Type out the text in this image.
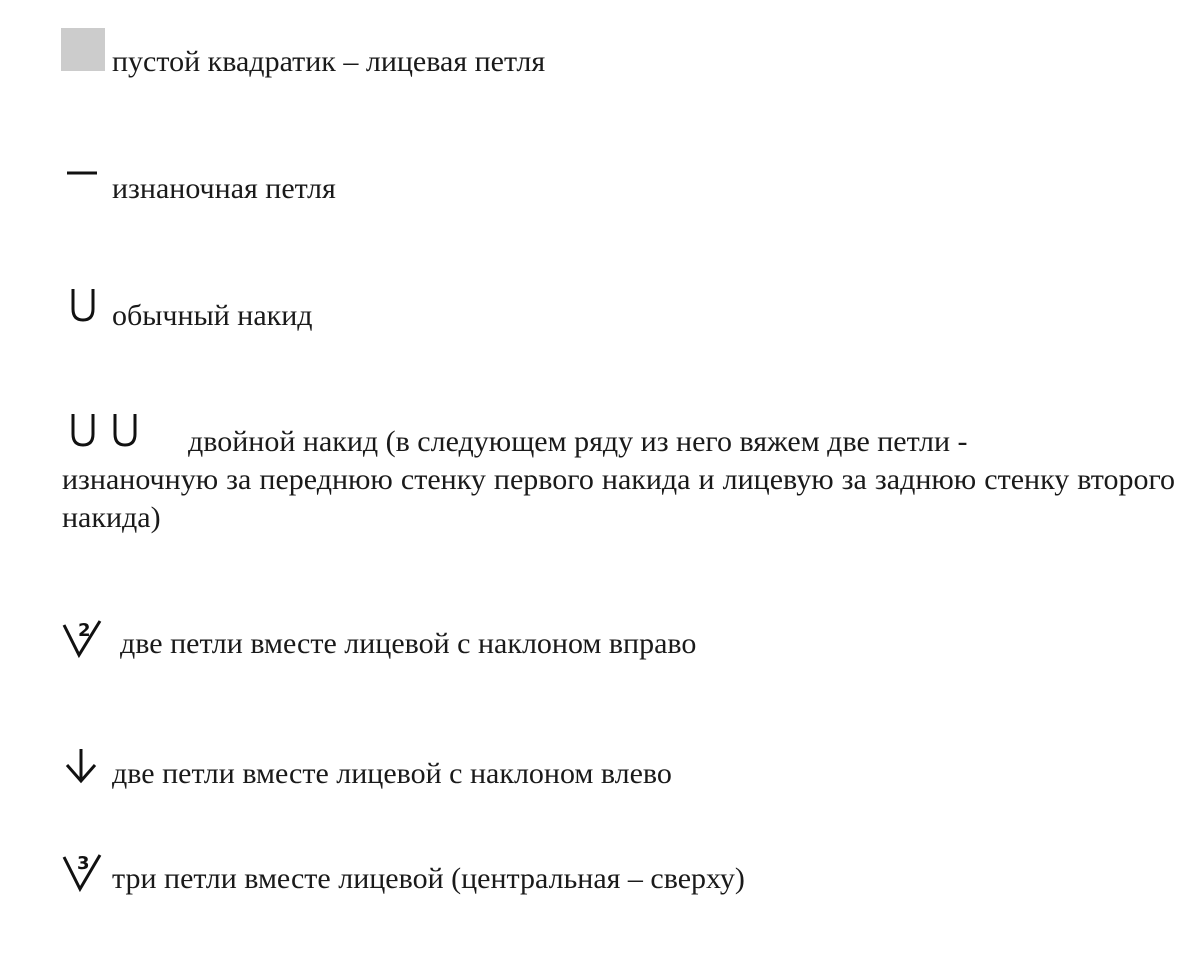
пустой квадратик – лицевая петля
изнаночная петля
обычный накид
двойной накид (в следующем ряду из него вяжем две петли -
изнаночную за переднюю стенку первого накида и лицевую за заднюю стенку второго накида)
2 две петли вместе лицевой с наклоном вправо
две петли вместе лицевой с наклоном влево
3 три петли вместе лицевой (центральная – сверху)
